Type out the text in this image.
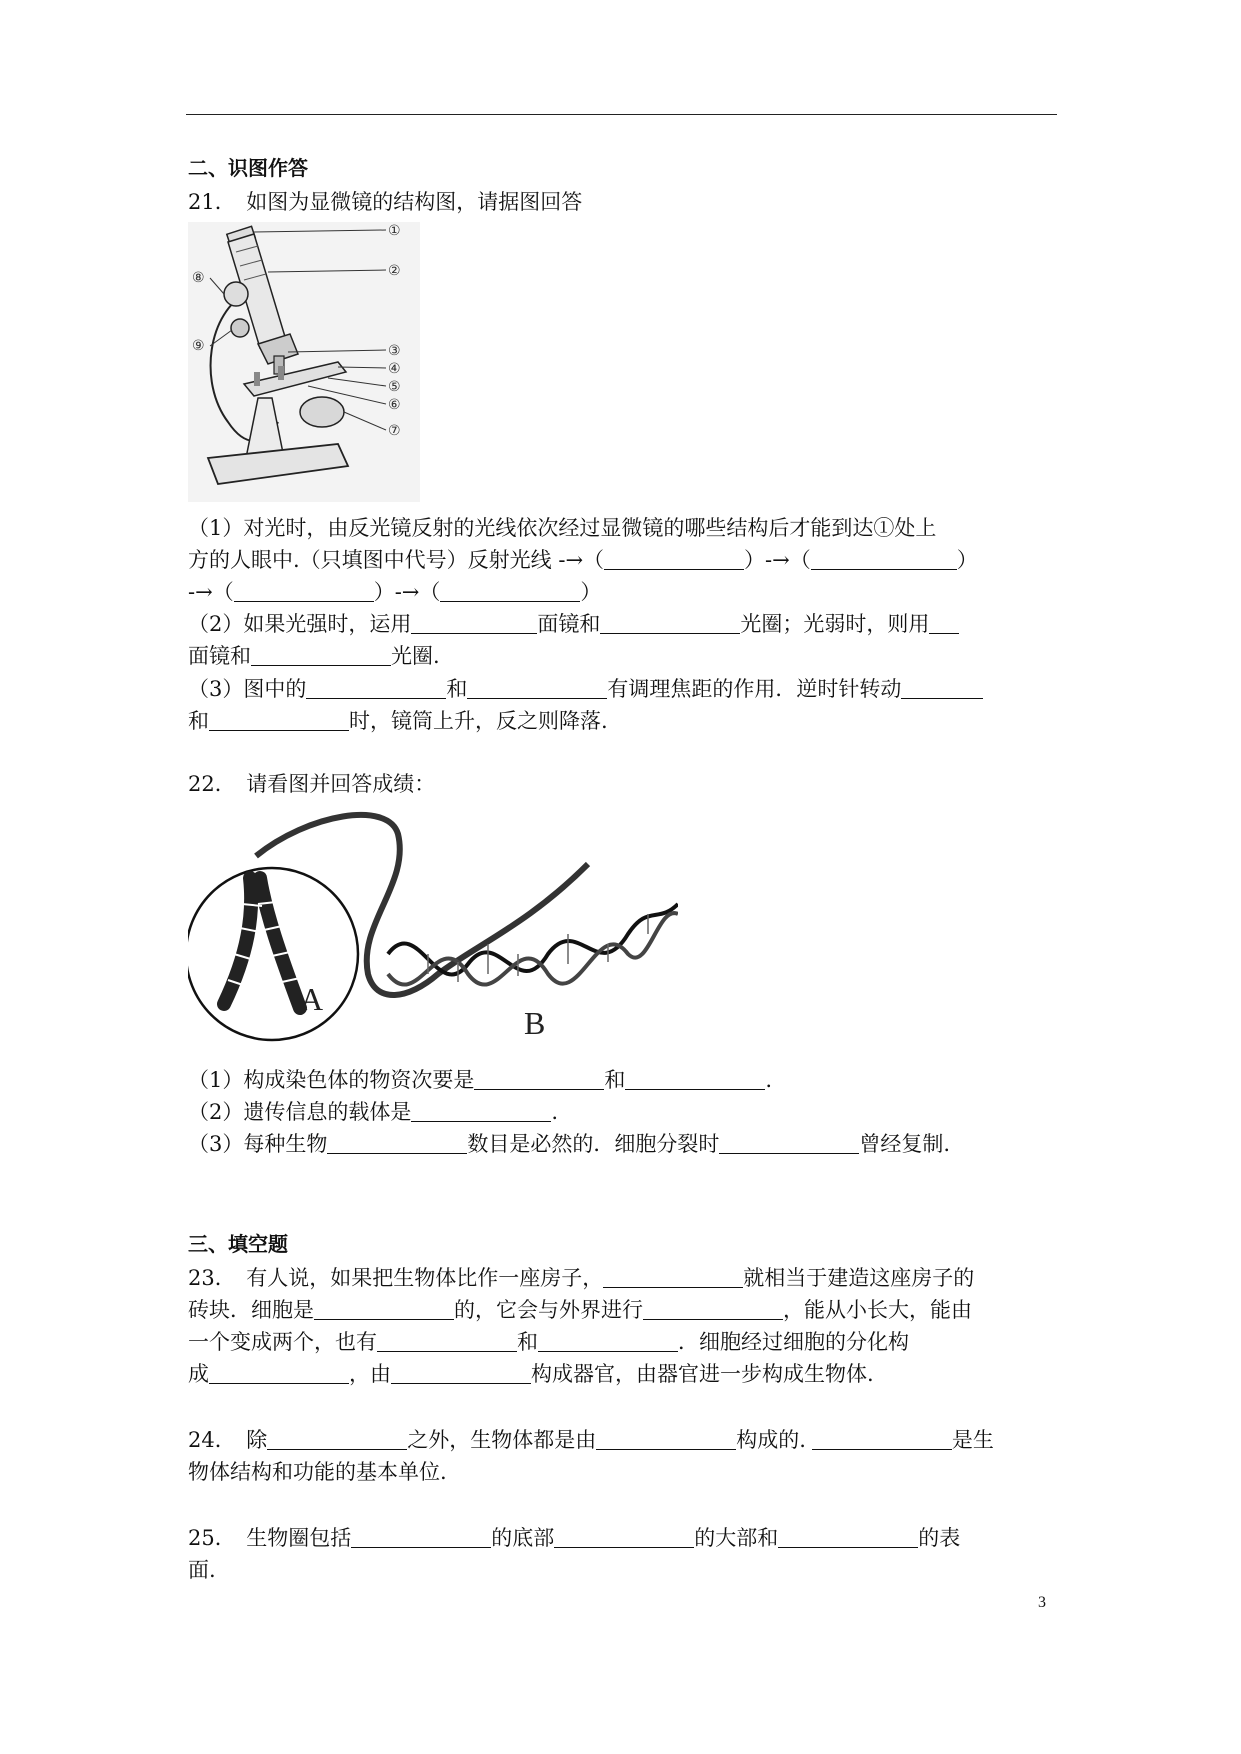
二、识图作答
21．　如图为显微镜的结构图，请据图回答
①
②
③
④
⑤
⑥
⑦
⑧
⑨
（1）对光时，由反光镜反射的光线依次经过显微镜的哪些结构后才能到达①处上
方的人眼中.（只填图中代号）反射光线 -→（	）-→（	）
-→（	）-→（	）
（2）如果光强时，运用	面镜和	光圈；光弱时，则用
面镜和	光圈.
（3）图中的	和	有调理焦距的作用．逆时针转动
和	时，镜筒上升，反之则降落.
22．　请看图并回答成绩：
A
B
（1）构成染色体的物资次要是	和	.
（2）遗传信息的载体是	.
（3）每种生物	数目是必然的．细胞分裂时	曾经复制.
三、填空题
23．　有人说，如果把生物体比作一座房子，	就相当于建造这座房子的
砖块．细胞是	的，它会与外界进行	，能从小长大，能由
一个变成两个，也有	和	．细胞经过细胞的分化构
成	，由	构成器官，由器官进一步构成生物体.
24．　除	之外，生物体都是由	构成的.	是生
物体结构和功能的基本单位.
25．　生物圈包括	的底部	的大部和	的表
面.
3
